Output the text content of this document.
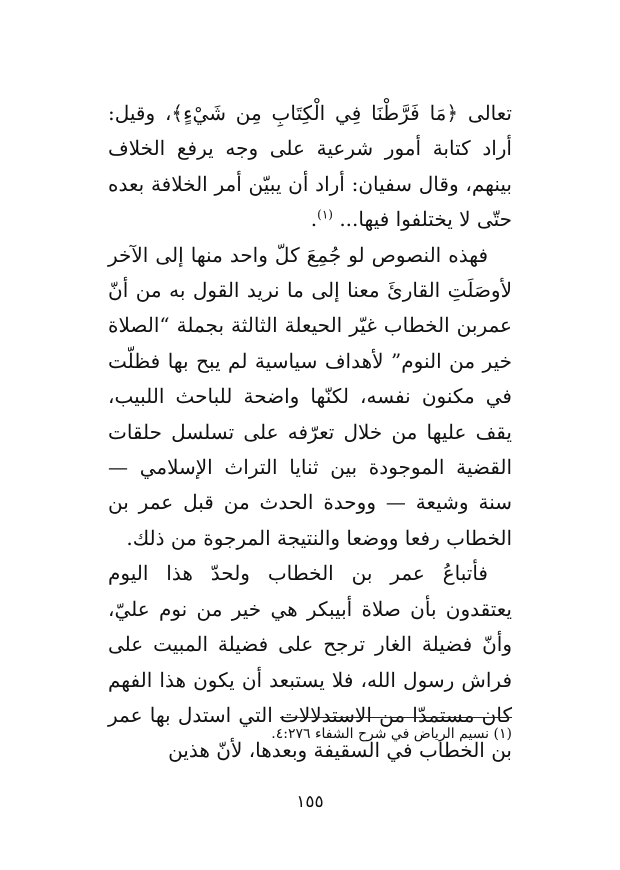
تعالى ﴿مَا فَرَّطْنَا فِي الْكِتَابِ مِن شَيْءٍ﴾، وقيل: أراد كتابة أمور شرعية على وجه يرفع الخلاف بينهم، وقال سفيان: أراد أن يبيّن أمر الخلافة بعده حتّى لا يختلفوا فيها... $^{(١)}$.

فهذه النصوص لو جُمِعَ كلّ واحد منها إلى الآخر لأوصَلَتِ القارئَ معنا إلى ما نريد القول به من أنّ عمربن الخطاب غيّر الحيعلة الثالثة بجملة “الصلاة خير من النوم” لأهداف سياسية لم يبح بها فظلّت في مكنون نفسه، لكنّها واضحة للباحث اللبيب، يقف عليها من خلال تعرّفه على تسلسل حلقات القضية الموجودة بين ثنايا التراث الإسلامي — سنة وشيعة — ووحدة الحدث من قبل عمر بن الخطاب رفعا ووضعا والنتيجة المرجوة من ذلك.

فأتباعُ عمر بن الخطاب ولحدّ هذا اليوم يعتقدون بأن صلاة أبيبكر هي خير من نوم عليّ، وأنّ فضيلة الغار ترجح على فضيلة المبيت على فراش رسول الله، فلا يستبعد أن يكون هذا الفهم كان مستمدّا من الاستدلالات التي استدل بها عمر بن الخطاب في السقيفة وبعدها، لأنّ هذين

(١) نسيم الرياض في شرح الشفاء ٤:٢٧٦.
١٥٥
